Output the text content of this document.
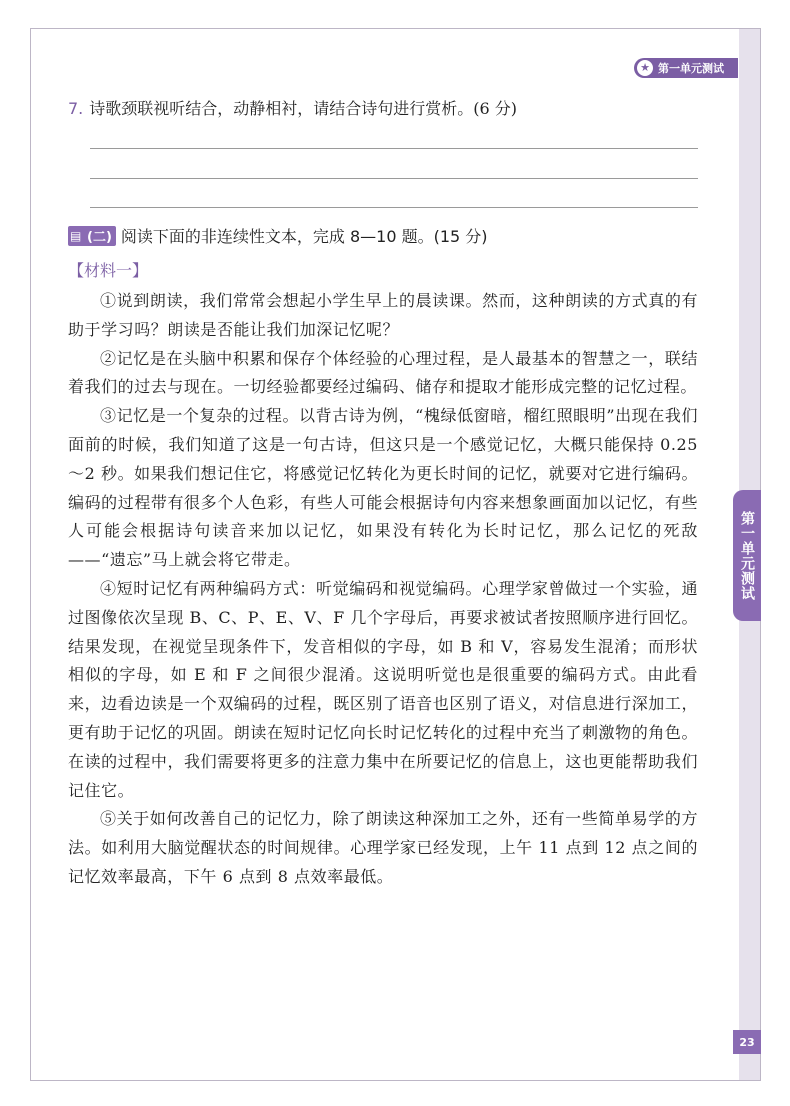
★ 第一单元测试
7. 诗歌颈联视听结合，动静相衬，请结合诗句进行赏析。(6 分)
▤ (二) 阅读下面的非连续性文本，完成 8—10 题。(15 分)
【材料一】

①说到朗读，我们常常会想起小学生早上的晨读课。然而，这种朗读的方式真的有助于学习吗？朗读是否能让我们加深记忆呢？

②记忆是在头脑中积累和保存个体经验的心理过程，是人最基本的智慧之一，联结着我们的过去与现在。一切经验都要经过编码、储存和提取才能形成完整的记忆过程。

③记忆是一个复杂的过程。以背古诗为例，“槐绿低窗暗，榴红照眼明”出现在我们面前的时候，我们知道了这是一句古诗，但这只是一个感觉记忆，大概只能保持 0.25～2 秒。如果我们想记住它，将感觉记忆转化为更长时间的记忆，就要对它进行编码。编码的过程带有很多个人色彩，有些人可能会根据诗句内容来想象画面加以记忆，有些人可能会根据诗句读音来加以记忆，如果没有转化为长时记忆，那么记忆的死敌——“遗忘”马上就会将它带走。

④短时记忆有两种编码方式：听觉编码和视觉编码。心理学家曾做过一个实验，通过图像依次呈现 B、C、P、E、V、F 几个字母后，再要求被试者按照顺序进行回忆。结果发现，在视觉呈现条件下，发音相似的字母，如 B 和 V，容易发生混淆；而形状相似的字母，如 E 和 F 之间很少混淆。这说明听觉也是很重要的编码方式。由此看来，边看边读是一个双编码的过程，既区别了语音也区别了语义，对信息进行深加工，更有助于记忆的巩固。朗读在短时记忆向长时记忆转化的过程中充当了刺激物的角色。在读的过程中，我们需要将更多的注意力集中在所要记忆的信息上，这也更能帮助我们记住它。

⑤关于如何改善自己的记忆力，除了朗读这种深加工之外，还有一些简单易学的方法。如利用大脑觉醒状态的时间规律。心理学家已经发现，上午 11 点到 12 点之间的记忆效率最高，下午 6 点到 8 点效率最低。

第一单元测试
23
